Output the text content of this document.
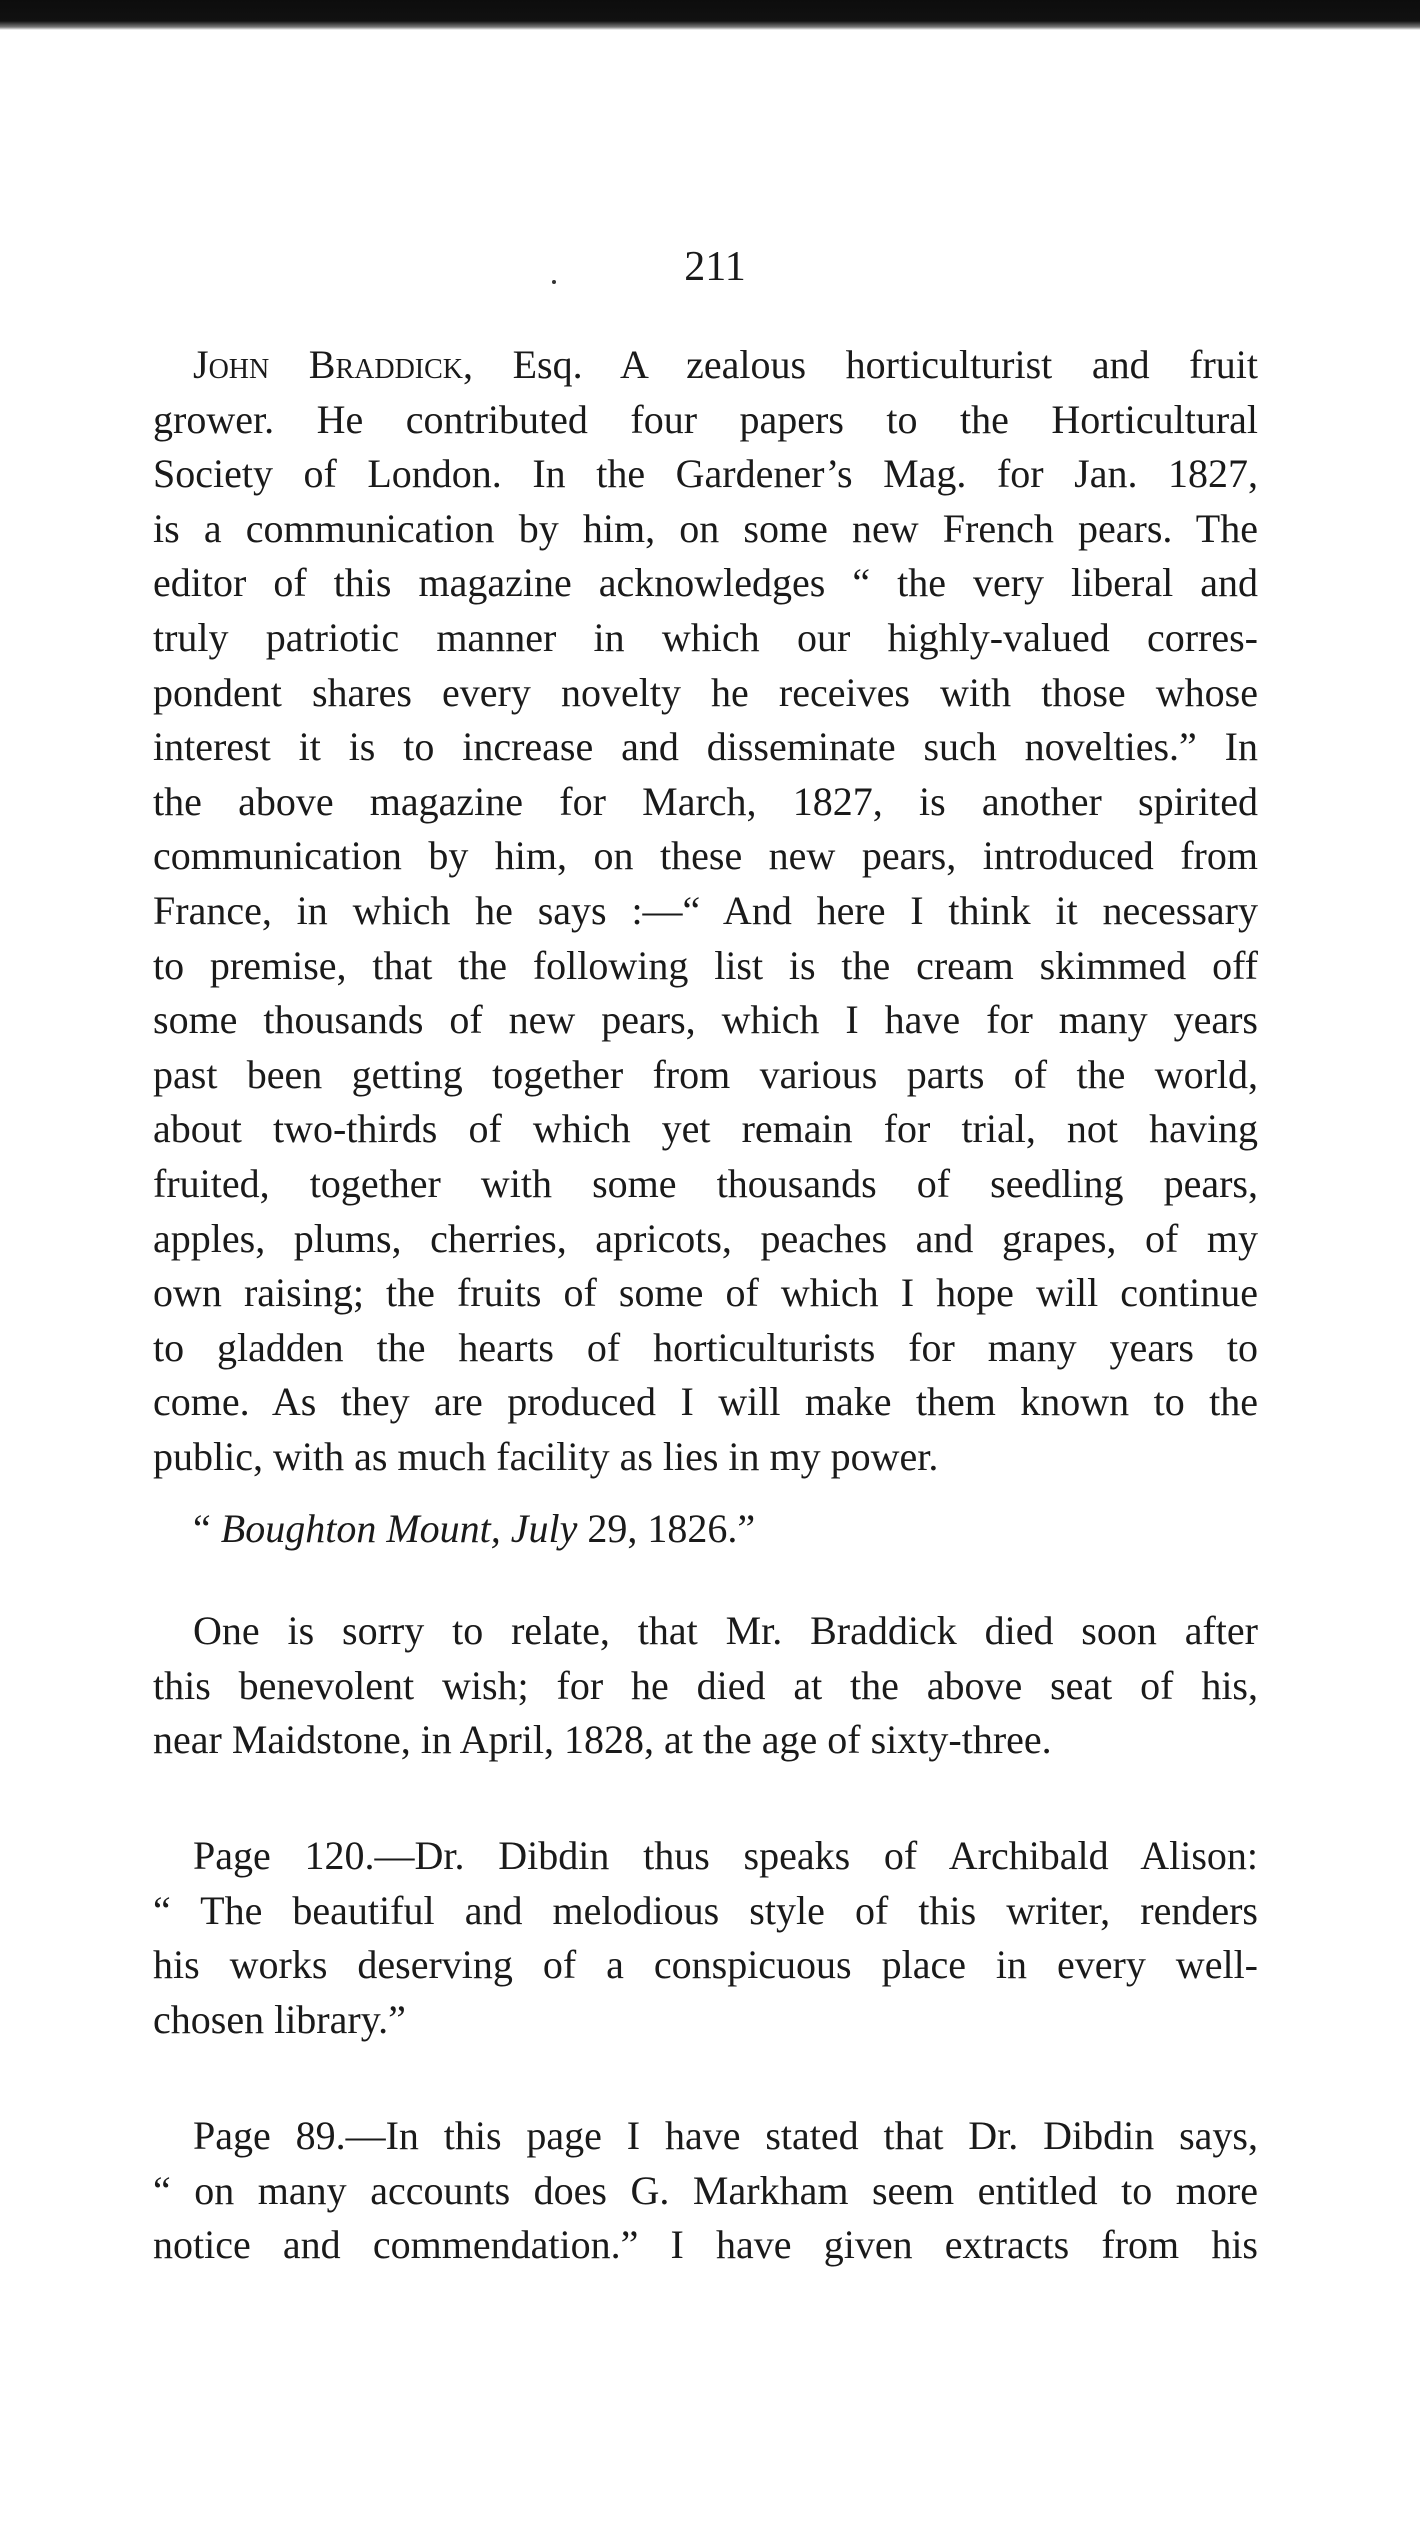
211
John Braddick, Esq. A zealous horticulturist and fruit
grower. He contributed four papers to the Horticultural
Society of London. In the Gardener’s Mag. for Jan. 1827,
is a communication by him, on some new French pears. The
editor of this magazine acknowledges “ the very liberal and
truly patriotic manner in which our highly-valued corres-
pondent shares every novelty he receives with those whose
interest it is to increase and disseminate such novelties.” In
the above magazine for March, 1827, is another spirited
communication by him, on these new pears, introduced from
France, in which he says :—“ And here I think it necessary
to premise, that the following list is the cream skimmed off
some thousands of new pears, which I have for many years
past been getting together from various parts of the world,
about two-thirds of which yet remain for trial, not having
fruited, together with some thousands of seedling pears,
apples, plums, cherries, apricots, peaches and grapes, of my
own raising; the fruits of some of which I hope will continue
to gladden the hearts of horticulturists for many years to
come. As they are produced I will make them known to the
public, with as much facility as lies in my power.
“ Boughton Mount, July 29, 1826.”
One is sorry to relate, that Mr. Braddick died soon after
this benevolent wish; for he died at the above seat of his,
near Maidstone, in April, 1828, at the age of sixty-three.
Page 120.—Dr. Dibdin thus speaks of Archibald Alison:
“ The beautiful and melodious style of this writer, renders
his works deserving of a conspicuous place in every well-
chosen library.”
Page 89.—In this page I have stated that Dr. Dibdin says,
“ on many accounts does G. Markham seem entitled to more
notice and commendation.” I have given extracts from his
